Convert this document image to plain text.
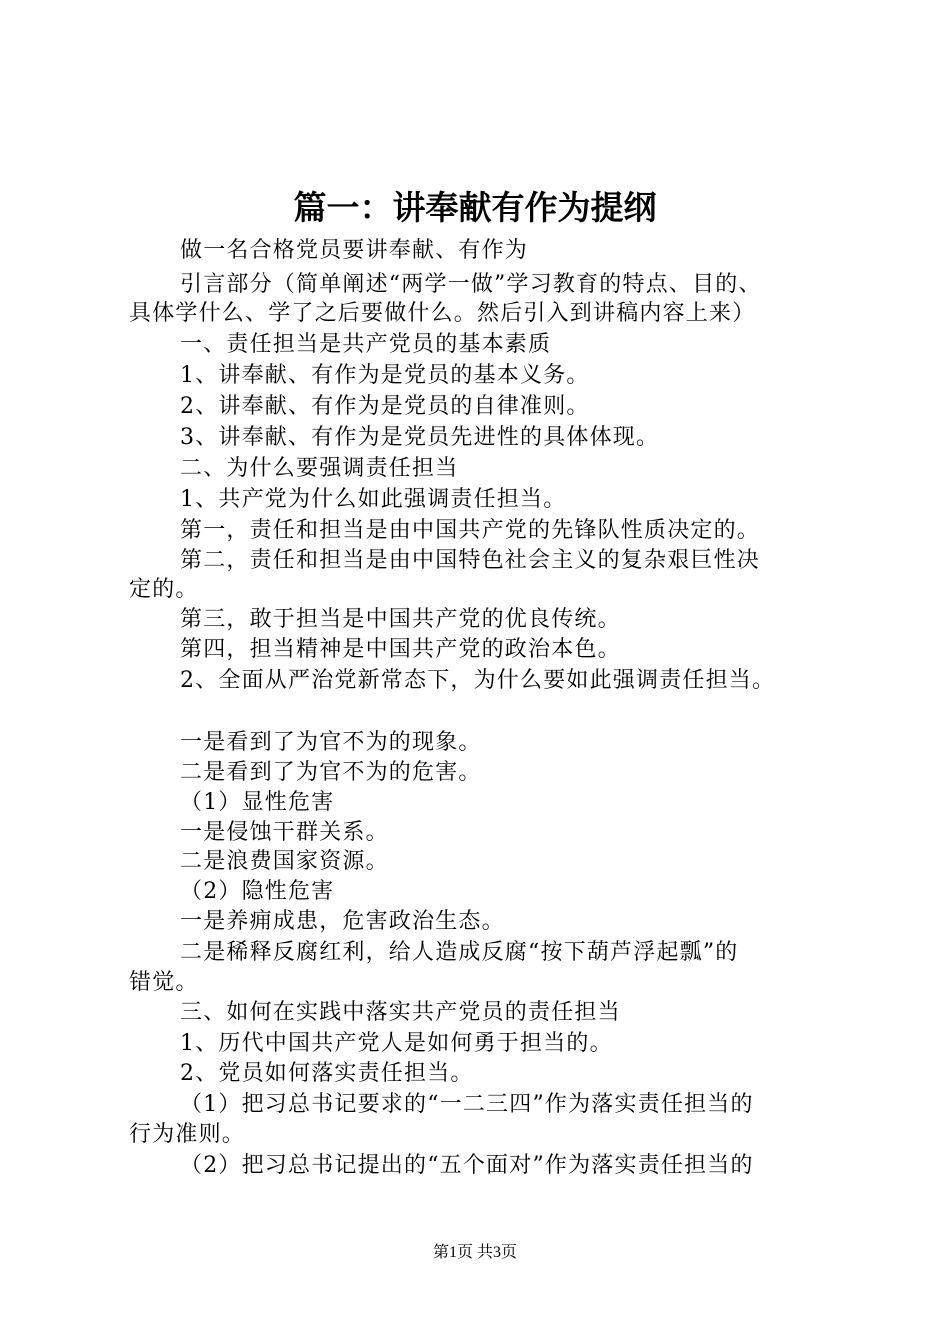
篇一：讲奉献有作为提纲
做一名合格党员要讲奉献、有作为
引言部分（简单阐述“两学一做”学习教育的特点、目的、
具体学什么、学了之后要做什么。然后引入到讲稿内容上来）
一、责任担当是共产党员的基本素质
1、讲奉献、有作为是党员的基本义务。
2、讲奉献、有作为是党员的自律准则。
3、讲奉献、有作为是党员先进性的具体体现。
二、为什么要强调责任担当
1、共产党为什么如此强调责任担当。
第一，责任和担当是由中国共产党的先锋队性质决定的。
第二，责任和担当是由中国特色社会主义的复杂艰巨性决
定的。
第三，敢于担当是中国共产党的优良传统。
第四，担当精神是中国共产党的政治本色。
2、全面从严治党新常态下，为什么要如此强调责任担当。
一是看到了为官不为的现象。
二是看到了为官不为的危害。
（1）显性危害
一是侵蚀干群关系。
二是浪费国家资源。
（2）隐性危害
一是养痈成患，危害政治生态。
二是稀释反腐红利，给人造成反腐“按下葫芦浮起瓢”的
错觉。
三、如何在实践中落实共产党员的责任担当
1、历代中国共产党人是如何勇于担当的。
2、党员如何落实责任担当。
（1）把习总书记要求的“一二三四”作为落实责任担当的
行为准则。
（2）把习总书记提出的“五个面对”作为落实责任担当的
第1页 共3页
